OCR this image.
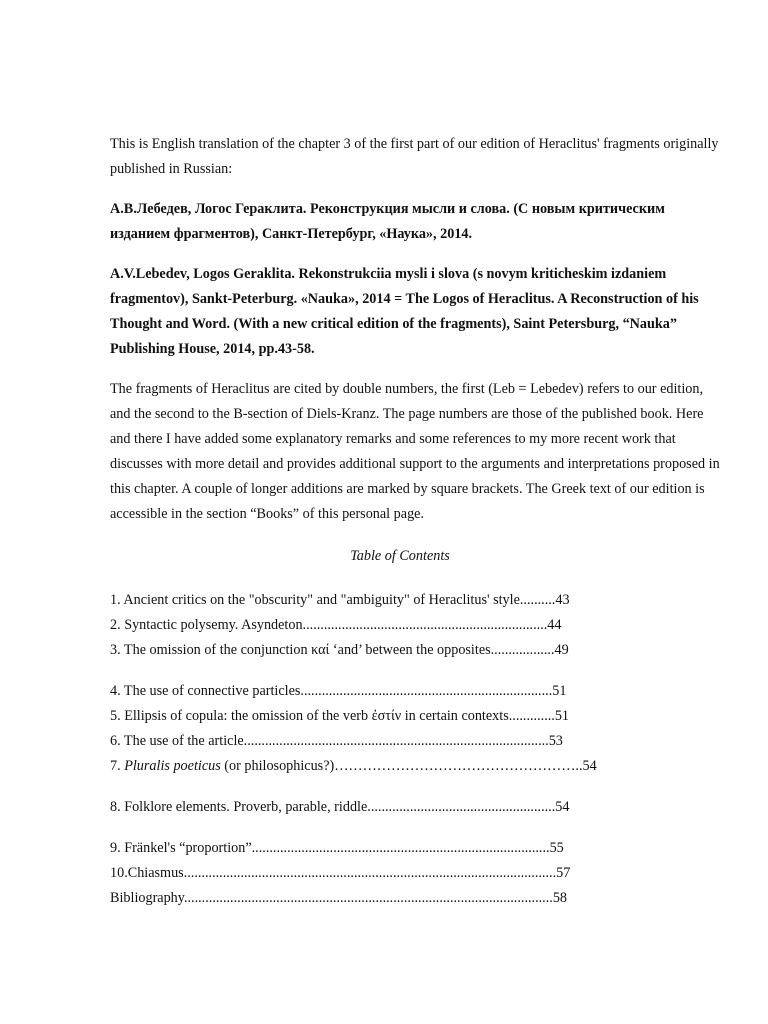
This is English translation of the chapter 3 of the first part of our edition of Heraclitus' fragments originally published in Russian:

А.В.Лебедев, Логос Гераклита. Реконструкция мысли и слова. (С новым критическим изданием фрагментов), Санкт-Петербург, «Наука», 2014.

A.V.Lebedev, Logos Geraklita. Rekonstrukciia mysli i slova (s novym kriticheskim izdaniem fragmentov), Sankt-Peterburg. «Nauka», 2014 = The Logos of Heraclitus. A Reconstruction of his Thought and Word. (With a new critical edition of the fragments), Saint Petersburg, “Nauka” Publishing House, 2014, pp.43-58.

The fragments of Heraclitus are cited by double numbers, the first (Leb = Lebedev) refers to our edition, and the second to the B-section of Diels-Kranz. The page numbers are those of the published book. Here and there I have added some explanatory remarks and some references to my more recent work that discusses with more detail and provides additional support to the arguments and interpretations proposed in this chapter. A couple of longer additions are marked by square brackets. The Greek text of our edition is accessible in the section “Books” of this personal page.

Table of Contents
1. Ancient critics on the "obscurity" and "ambiguity" of Heraclitus' style..........43
2. Syntactic polysemy. Asyndeton.....................................................................44
3. The omission of the conjunction καί ‘and’ between the opposites..................49
4. The use of connective particles.......................................................................51
5. Ellipsis of copula: the omission of the verb ἐστίν in certain contexts.............51
6. The use of the article......................................................................................53
7. Pluralis poeticus (or philosophicus?)……………………………………………..54
8. Folklore elements. Proverb, parable, riddle.....................................................54
9. Fränkel's “proportion”....................................................................................55
10.Chiasmus.........................................................................................................57
Bibliography........................................................................................................58
